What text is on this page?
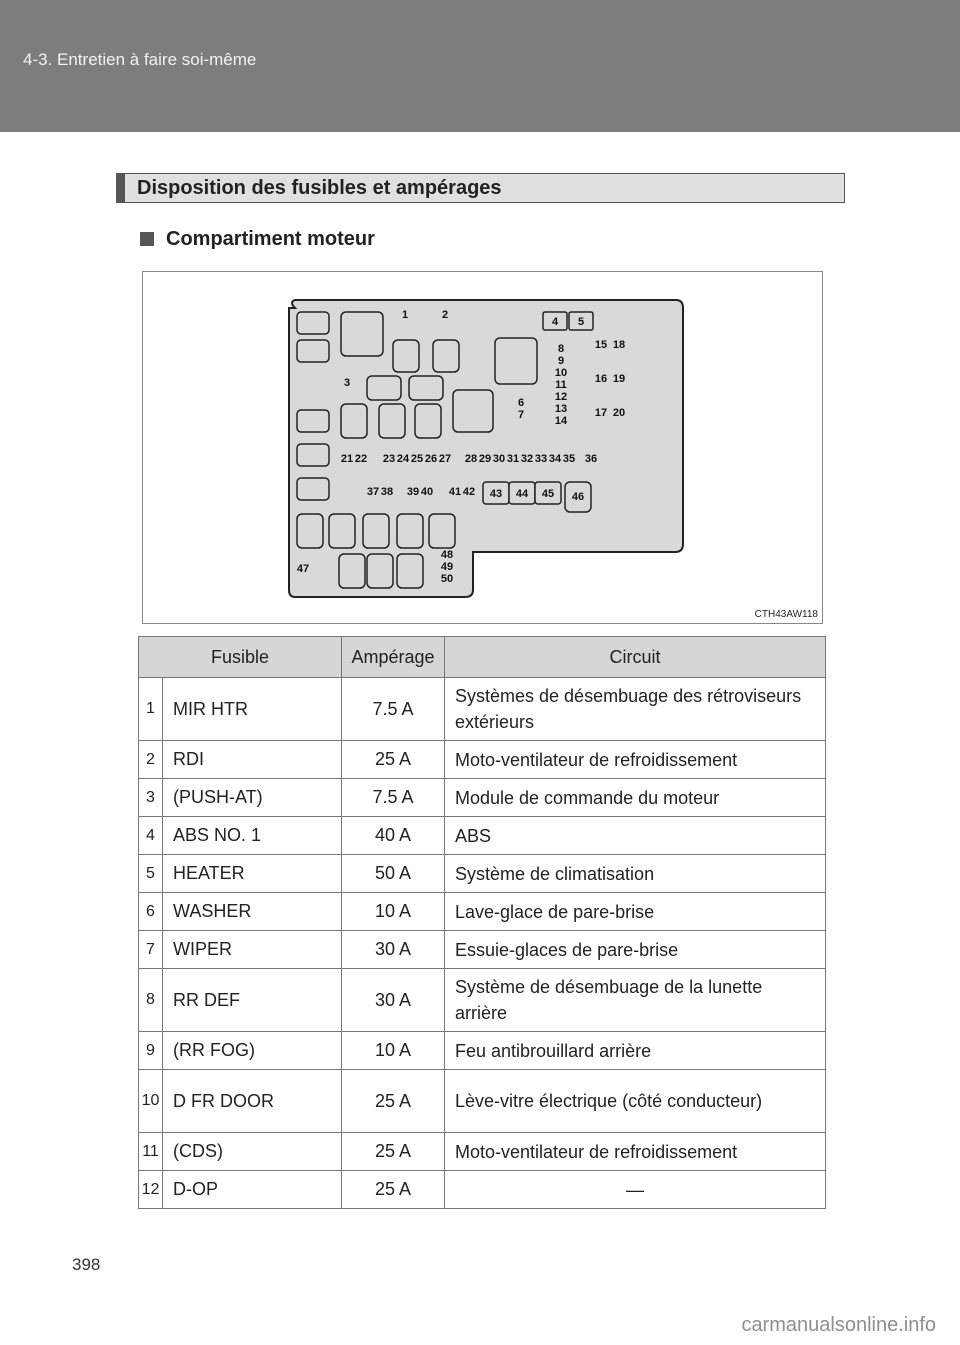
4-3. Entretien à faire soi-même
Disposition des fusibles et ampérages
Compartiment moteur
1	2
3
4 5
6
7
8
9
10
11
12
13
14
15 18
16 19
17 20
21 22 23 24 25 26 27 28 29 30 31 32 33 34 35 36
37 38 39 40 41 42 43 44 45 46
47
48
49
50
CTH43AW118
Fusible		Ampérage	Circuit
1	MIR HTR	7.5 A	Systèmes de désembuage des rétroviseurs extérieurs
2	RDI	25 A	Moto-ventilateur de refroidissement
3	(PUSH-AT)	7.5 A	Module de commande du moteur
4	ABS NO. 1	40 A	ABS
5	HEATER	50 A	Système de climatisation
6	WASHER	10 A	Lave-glace de pare-brise
7	WIPER	30 A	Essuie-glaces de pare-brise
8	RR DEF	30 A	Système de désembuage de la lunette arrière
9	(RR FOG)	10 A	Feu antibrouillard arrière
10	D FR DOOR	25 A	Lève-vitre électrique (côté conducteur)
11	(CDS)	25 A	Moto-ventilateur de refroidissement
12	D-OP	25 A	—
398
carmanualsonline.info
